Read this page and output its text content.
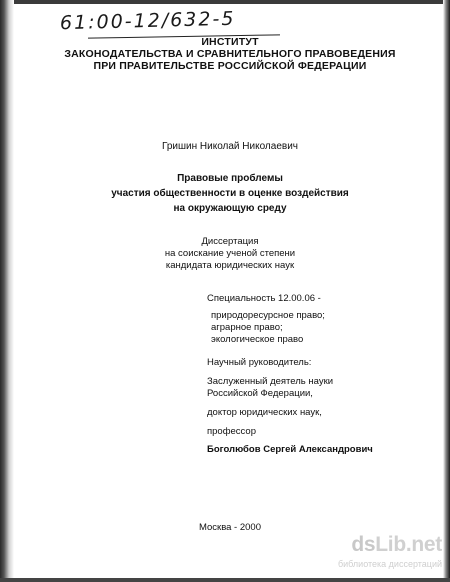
61:00-12/632-5
ИНСТИТУТ
ЗАКОНОДАТЕЛЬСТВА И СРАВНИТЕЛЬНОГО ПРАВОВЕДЕНИЯ
ПРИ ПРАВИТЕЛЬСТВЕ РОССИЙСКОЙ ФЕДЕРАЦИИ
Гришин Николай Николаевич
Правовые проблемы
участия общественности в оценке воздействия
на окружающую среду
Диссертация
на соискание ученой степени
кандидата юридических наук
Специальность 12.00.06 -
природоресурсное право;
аграрное право;
экологическое право
Научный руководитель:
Заслуженный деятель науки
Российской Федерации,
доктор юридических наук,
профессор
Боголюбов Сергей Александрович
Москва - 2000
dsLib.net
библиотека диссертаций
